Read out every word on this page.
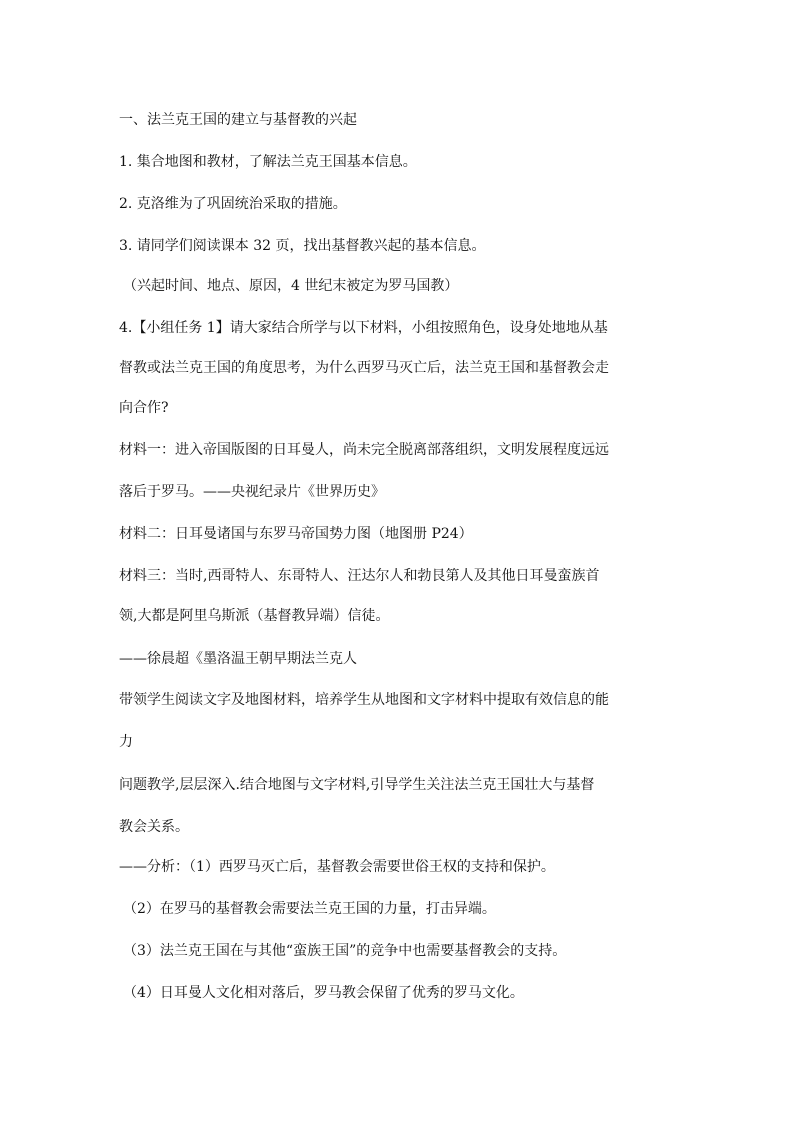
一、法兰克王国的建立与基督教的兴起
1. 集合地图和教材，了解法兰克王国基本信息。
2. 克洛维为了巩固统治采取的措施。
3. 请同学们阅读课本 32 页，找出基督教兴起的基本信息。
（兴起时间、地点、原因，4 世纪末被定为罗马国教）
4.【小组任务 1】请大家结合所学与以下材料，小组按照角色，设身处地地从基
督教或法兰克王国的角度思考，为什么西罗马灭亡后，法兰克王国和基督教会走
向合作?
材料一：进入帝国版图的日耳曼人，尚未完全脱离部落组织，文明发展程度远远
落后于罗马。——央视纪录片《世界历史》
材料二：日耳曼诸国与东罗马帝国势力图（地图册 P24）
材料三：当时,西哥特人、东哥特人、汪达尔人和勃艮第人及其他日耳曼蛮族首
领,大都是阿里乌斯派（基督教异端）信徒。
——徐晨超《墨洛温王朝早期法兰克人
带领学生阅读文字及地图材料，培养学生从地图和文字材料中提取有效信息的能
力
问题教学,层层深入.结合地图与文字材料,引导学生关注法兰克王国壮大与基督
教会关系。
——分析：（1）西罗马灭亡后，基督教会需要世俗王权的支持和保护。
（2）在罗马的基督教会需要法兰克王国的力量，打击异端。
（3）法兰克王国在与其他“蛮族王国”的竞争中也需要基督教会的支持。
（4）日耳曼人文化相对落后，罗马教会保留了优秀的罗马文化。
